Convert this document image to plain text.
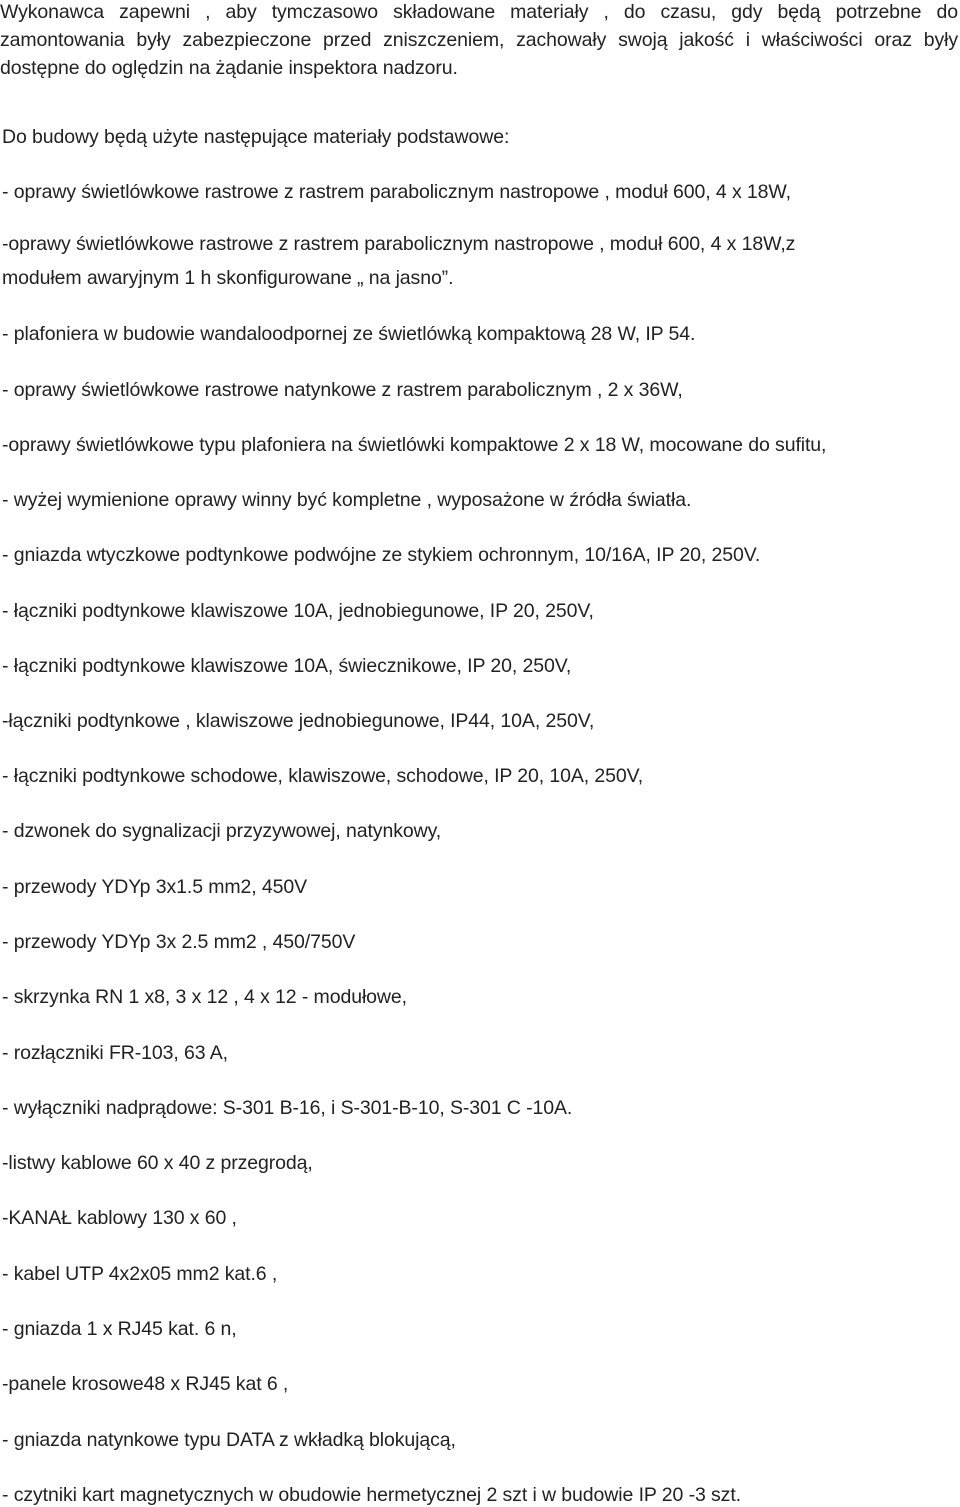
Wykonawca zapewni , aby tymczasowo składowane materiały , do czasu, gdy będą potrzebne do zamontowania były zabezpieczone przed zniszczeniem, zachowały swoją jakość i właściwości oraz były dostępne do oględzin na żądanie inspektora nadzoru.
Do budowy będą użyte następujące materiały podstawowe:
- oprawy świetlówkowe rastrowe z rastrem parabolicznym nastropowe , moduł 600, 4 x 18W,
-oprawy świetlówkowe rastrowe z rastrem parabolicznym nastropowe , moduł 600, 4 x 18W,z
modułem awaryjnym 1 h skonfigurowane „ na jasno”.
- plafoniera w budowie wandaloodpornej ze świetlówką kompaktową 28 W, IP 54.
- oprawy świetlówkowe rastrowe natynkowe z rastrem parabolicznym , 2 x 36W,
-oprawy świetlówkowe typu plafoniera na świetlówki kompaktowe 2 x 18 W, mocowane do sufitu,
- wyżej wymienione oprawy winny być kompletne , wyposażone w źródła światła.
- gniazda wtyczkowe podtynkowe podwójne ze stykiem ochronnym, 10/16A, IP 20, 250V.
- łączniki podtynkowe klawiszowe 10A, jednobiegunowe, IP 20, 250V,
- łączniki podtynkowe klawiszowe 10A, świecznikowe, IP 20, 250V,
-łączniki podtynkowe , klawiszowe jednobiegunowe, IP44, 10A, 250V,
- łączniki podtynkowe schodowe, klawiszowe, schodowe, IP 20, 10A, 250V,
- dzwonek do sygnalizacji przyzywowej, natynkowy,
- przewody YDYp 3x1.5 mm2, 450V
- przewody YDYp 3x 2.5 mm2 , 450/750V
- skrzynka RN 1 x8, 3 x 12 , 4 x 12 - modułowe,
- rozłączniki FR-103, 63 A,
- wyłączniki nadprądowe: S-301 B-16, i S-301-B-10, S-301 C -10A.
-listwy kablowe 60 x 40 z przegrodą,
-KANAŁ kablowy 130 x 60 ,
- kabel UTP 4x2x05 mm2 kat.6 ,
- gniazda 1 x RJ45 kat. 6 n,
-panele krosowe48 x RJ45 kat 6 ,
- gniazda natynkowe typu DATA z wkładką blokującą,
- czytniki kart magnetycznych w obudowie hermetycznej 2 szt i w budowie IP 20 -3 szt.
